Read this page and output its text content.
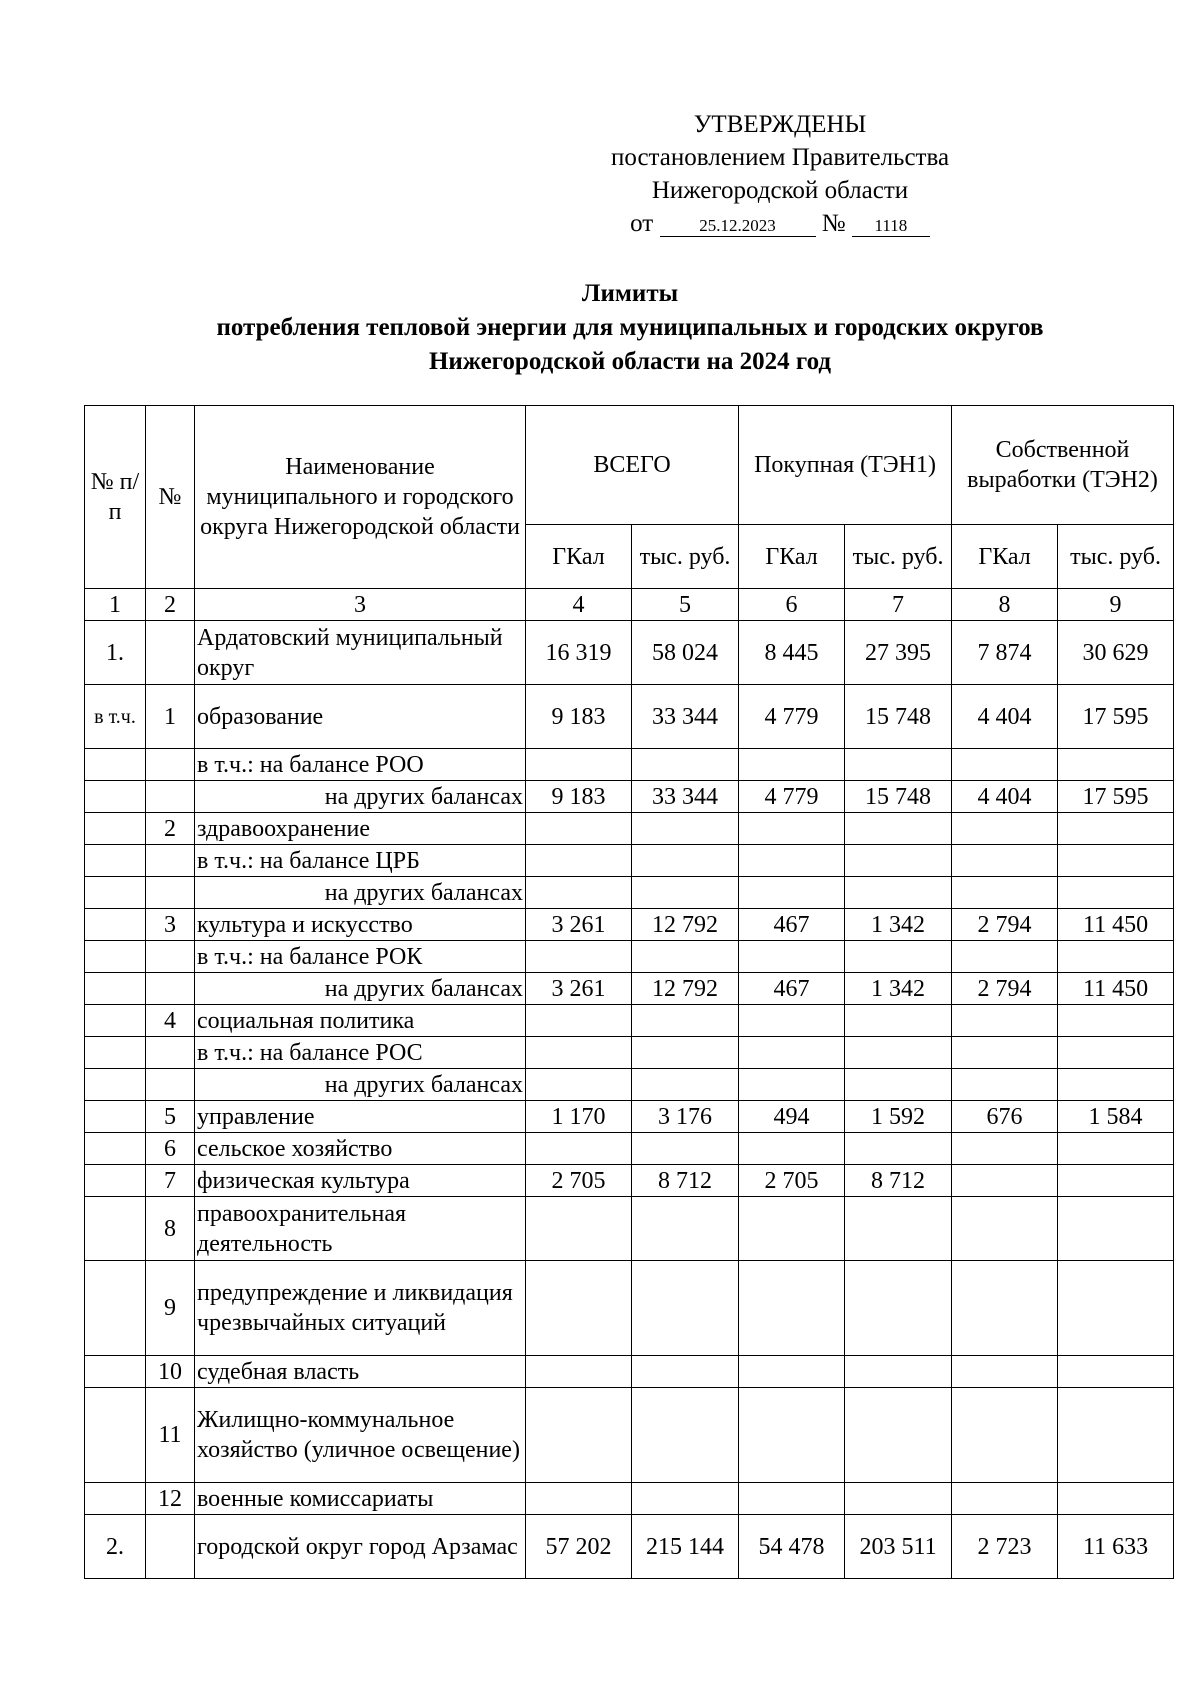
УТВЕРЖДЕНЫ
постановлением Правительства
Нижегородской области
от	25.12.2023 № 1118
Лимиты
потребления тепловой энергии для муниципальных и городских округов
Нижегородской области на 2024 год
№ п/п	№	Наименование муниципального и городского округа Нижегородской области	ВСЕГО		Покупная (ТЭН1)		Собственной выработки (ТЭН2)	
			ГКал	тыс. руб.	ГКал	тыс. руб.	ГКал	тыс. руб.
1	2	3	4	5	6	7	8	9
1.		Ардатовский муниципальный округ	16 319	58 024	8 445	27 395	7 874	30 629
в т.ч.	1	образование	9 183	33 344	4 779	15 748	4 404	17 595
		в т.ч.: на балансе РОО						
		на других балансах	9 183	33 344	4 779	15 748	4 404	17 595
	2	здравоохранение						
		в т.ч.: на балансе ЦРБ						
		на других балансах						
	3	культура и искусство	3 261	12 792	467	1 342	2 794	11 450
		в т.ч.: на балансе РОК						
		на других балансах	3 261	12 792	467	1 342	2 794	11 450
	4	социальная политика						
		в т.ч.: на балансе РОС						
		на других балансах						
	5	управление	1 170	3 176	494	1 592	676	1 584
	6	сельское хозяйство						
	7	физическая культура	2 705	8 712	2 705	8 712		
	8	правоохранительная деятельность						
	9	предупреждение и ликвидация чрезвычайных ситуаций						
	10	судебная власть						
	11	Жилищно-коммунальное хозяйство (уличное освещение)						
	12	военные комиссариаты						
2.		городской округ город Арзамас	57 202	215 144	54 478	203 511	2 723	11 633
